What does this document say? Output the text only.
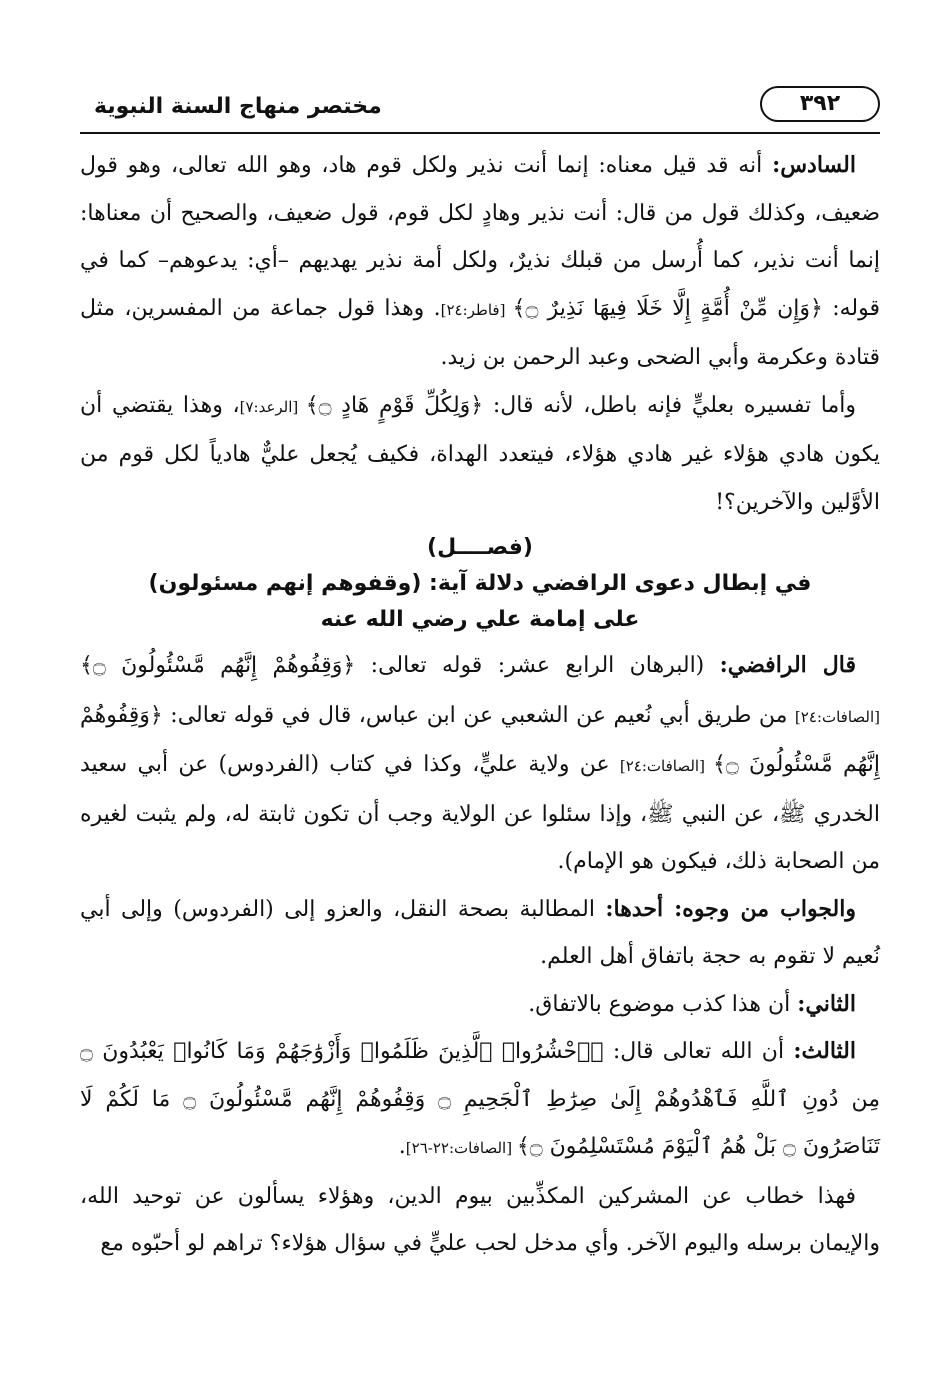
٣٩٢
مختصر منهاج السنة النبوية

السادس: أنه قد قيل معناه: إنما أنت نذير ولكل قوم هاد، وهو الله تعالى، وهو قول ضعيف، وكذلك قول من قال: أنت نذير وهادٍ لكل قوم، قول ضعيف، والصحيح أن معناها: إنما أنت نذير، كما أُرسل من قبلك نذيرٌ، ولكل أمة نذير يهديهم –أي: يدعوهم– كما في قوله: ﴿وَإِن مِّنْ أُمَّةٍ إِلَّا خَلَا فِيهَا نَذِيرٌ ۝﴾ [فاطر:٢٤]. وهذا قول جماعة من المفسرين، مثل قتادة وعكرمة وأبي الضحى وعبد الرحمن بن زيد.

وأما تفسيره بعليٍّ فإنه باطل، لأنه قال: ﴿وَلِكُلِّ قَوْمٍ هَادٍ ۝﴾ [الرعد:٧]، وهذا يقتضي أن يكون هادي هؤلاء غير هادي هؤلاء، فيتعدد الهداة، فكيف يُجعل عليٌّ هادياً لكل قوم من الأوَّلين والآخرين؟!

(فصــــل)
في إبطال دعوى الرافضي دلالة آية: (وقفوهم إنهم مسئولون)
على إمامة علي رضي الله عنه

قال الرافضي: (البرهان الرابع عشر: قوله تعالى: ﴿وَقِفُوهُمْ إِنَّهُم مَّسْئُولُونَ ۝﴾ [الصافات:٢٤] من طريق أبي نُعيم عن الشعبي عن ابن عباس، قال في قوله تعالى: ﴿وَقِفُوهُمْ إِنَّهُم مَّسْئُولُونَ ۝﴾ [الصافات:٢٤] عن ولاية عليٍّ، وكذا في كتاب (الفردوس) عن أبي سعيد الخدري ﷺ، عن النبي ﷺ، وإذا سئلوا عن الولاية وجب أن تكون ثابتة له، ولم يثبت لغيره من الصحابة ذلك، فيكون هو الإمام).

والجواب من وجوه: أحدها: المطالبة بصحة النقل، والعزو إلى (الفردوس) وإلى أبي نُعيم لا تقوم به حجة باتفاق أهل العلم.

الثاني: أن هذا كذب موضوع بالاتفاق.

الثالث: أن الله تعالى قال: ﴿ٱحْشُرُوا۟ ٱلَّذِينَ ظَلَمُوا۟ وَأَزْوَٰجَهُمْ وَمَا كَانُوا۟ يَعْبُدُونَ ۝ مِن دُونِ ٱللَّهِ فَٱهْدُوهُمْ إِلَىٰ صِرَٰطِ ٱلْجَحِيمِ ۝ وَقِفُوهُمْ إِنَّهُم مَّسْئُولُونَ ۝ مَا لَكُمْ لَا تَنَاصَرُونَ ۝ بَلْ هُمُ ٱلْيَوْمَ مُسْتَسْلِمُونَ ۝﴾ [الصافات:٢٢-٢٦].

فهذا خطاب عن المشركين المكذِّبين بيوم الدين، وهؤلاء يسألون عن توحيد الله، والإيمان برسله واليوم الآخر. وأي مدخل لحب عليٍّ في سؤال هؤلاء؟ تراهم لو أحبّوه مع
